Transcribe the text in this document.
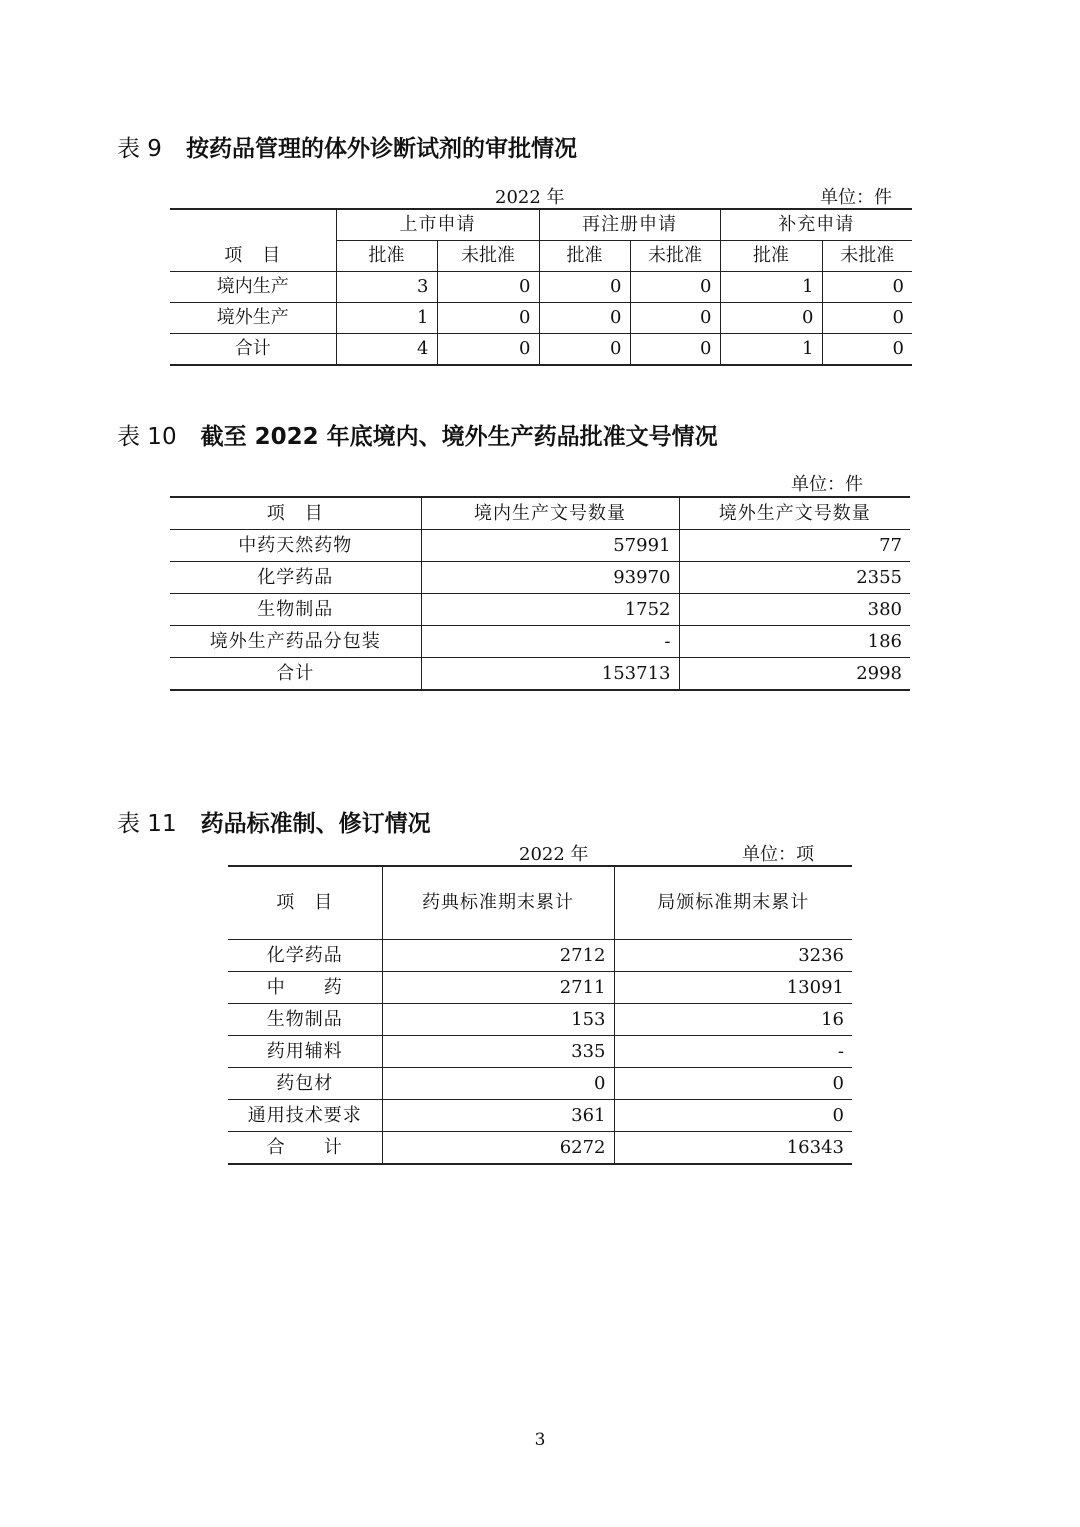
表 9 按药品管理的体外诊断试剂的审批情况
2022 年	单位：件
	上市申请		再注册申请		补充申请	
项　目	批准	未批准	批准	未批准	批准	未批准
境内生产	3	0	0	0	1	0
境外生产	1	0	0	0	0	0
合计	4	0	0	0	1	0
表 10 截至 2022 年底境内、境外生产药品批准文号情况
单位：件
项　目	境内生产文号数量	境外生产文号数量
中药天然药物	57991	77
化学药品	93970	2355
生物制品	1752	380
境外生产药品分包装	-	186
合计	153713	2998
表 11 药品标准制、修订情况
2022 年	单位：项
项　目	药典标准期末累计	局颁标准期末累计
化学药品	2712	3236
中　　药	2711	13091
生物制品	153	16
药用辅料	335	-
药包材	0	0
通用技术要求	361	0
合　　计	6272	16343
3
